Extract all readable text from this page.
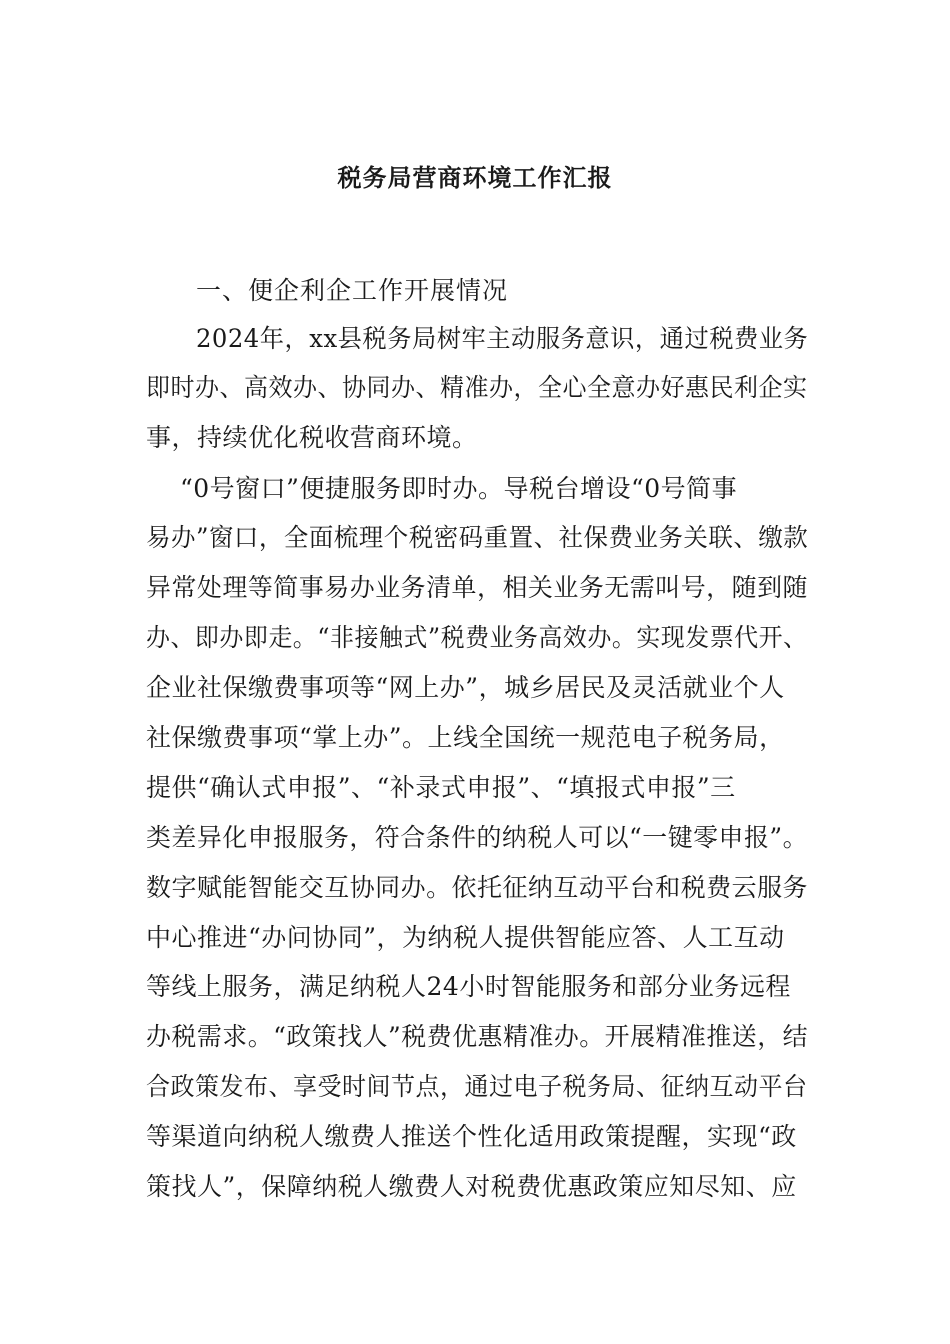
税务局营商环境工作汇报
一、便企利企工作开展情况
2024年，xx县税务局树牢主动服务意识，通过税费业务
即时办、高效办、协同办、精准办，全心全意办好惠民利企实
事，持续优化税收营商环境。
“0号窗口”便捷服务即时办。导税台增设“0号简事
易办”窗口，全面梳理个税密码重置、社保费业务关联、缴款
异常处理等简事易办业务清单，相关业务无需叫号，随到随
办、即办即走。“非接触式”税费业务高效办。实现发票代开、
企业社保缴费事项等“网上办”，城乡居民及灵活就业个人
社保缴费事项“掌上办”。上线全国统一规范电子税务局，
提供“确认式申报”、“补录式申报”、“填报式申报”三
类差异化申报服务，符合条件的纳税人可以“一键零申报”。
数字赋能智能交互协同办。依托征纳互动平台和税费云服务
中心推进“办问协同”，为纳税人提供智能应答、人工互动
等线上服务，满足纳税人24小时智能服务和部分业务远程
办税需求。“政策找人”税费优惠精准办。开展精准推送，结
合政策发布、享受时间节点，通过电子税务局、征纳互动平台
等渠道向纳税人缴费人推送个性化适用政策提醒，实现“政
策找人”，保障纳税人缴费人对税费优惠政策应知尽知、应
